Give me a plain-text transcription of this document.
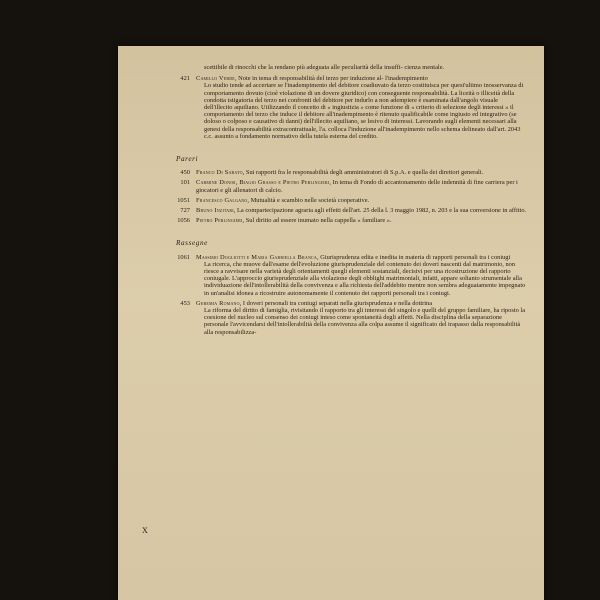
scettibile di rinocchi che la rendano più adeguata alle peculiarità della insuffi- cienza mentale.
421 Camillo Verde, Note in tema di responsabilità del terzo per induzione al- l'inadempimento
Lo studio tende ad accertare se l'inadempimento del debitore coadiuvato da terzo costituisca per quest'ultimo inosservanza di comportamento dovuto (cioè violazione di un dovere giuridico) con conseguente responsabilità. La liceità o illiceità della condotta istigatoria del terzo nei confronti del debitore per indurlo a non adempiere è esaminata dall'angolo visuale dell'illecito aquiliano. Utilizzando il concetto di « ingiustizia » come funzione di « criterio di selezione degli interessi » il comportamento del terzo che induce il debitore all'inadempimento è ritenuto qualificabile come ingiusto ed integrativo (se doloso o colposo e causativo di danni) dell'illecito aquiliano, se lesivo di interessi. Lavorando sugli elementi necessari alla genesi della responsabilità extracontrattuale, l'a. colloca l'induzione all'inadempimento nello schema delineato dall'art. 2043 c.c. assunto a fondamento normativo della tutela esterna del credito.
Pareri
450 Franco Di Sabato, Sui rapporti fra le responsabilità degli amministratori di S.p.A. e quella dei direttori generali.
101 Carmine Donisi, Biagio Grasso e Pietro Perlingieri, In tema di Fondo di accantonamento delle indennità di fine carriera per i giocatori e gli allenatori di calcio.
1051 Francesco Galgano, Mutualità e scambio nelle società cooperative.
727 Bruno Inzitari, La compartecipazione agraria agli effetti dell'art. 25 della l. 3 maggio 1982, n. 203 e la sua conversione in affitto.
1056 Pietro Perlingieri, Sul diritto ad essere inumato nella cappella « familiare ».
Rassegne
1061 Massimo Dogliotti e Maria Gabriella Branca, Giurisprudenza edita e inedita in materia di rapporti personali tra i coniugi
La ricerca, che muove dall'esame dell'evoluzione giurisprudenziale del contenuto dei doveri nascenti dal matrimonio, non riesce a ravvisare nella varietà degli orientamenti quegli elementi sostanziali, decisivi per una ricostruzione del rapporto coniugale. L'approccio giurisprudenziale alla violazione degli obblighi matrimoniali, infatti, appare soltanto strumentale alla individuazione dell'intollerabilità della convivenza e alla richiesta dell'addebito mentre non sembra adeguatamente impegnato in un'analisi idonea a ricostruire autonomamente il contenuto dei rapporti personali tra i coniugi.
453 Geremia Romano, I doveri personali tra coniugi separati nella giurisprudenza e nella dottrina
La riforma del diritto di famiglia, rivisitando il rapporto tra gli interessi del singolo e quelli del gruppo familiare, ha riposto la coesione del nucleo sul consenso dei coniugi inteso come spontaneità degli affetti. Nella disciplina della separazione personale l'avvicendarsi dell'intollerabilità della convivenza alla colpa assume il significato del trapasso dalla responsabilità alla responsabilizza-
X
